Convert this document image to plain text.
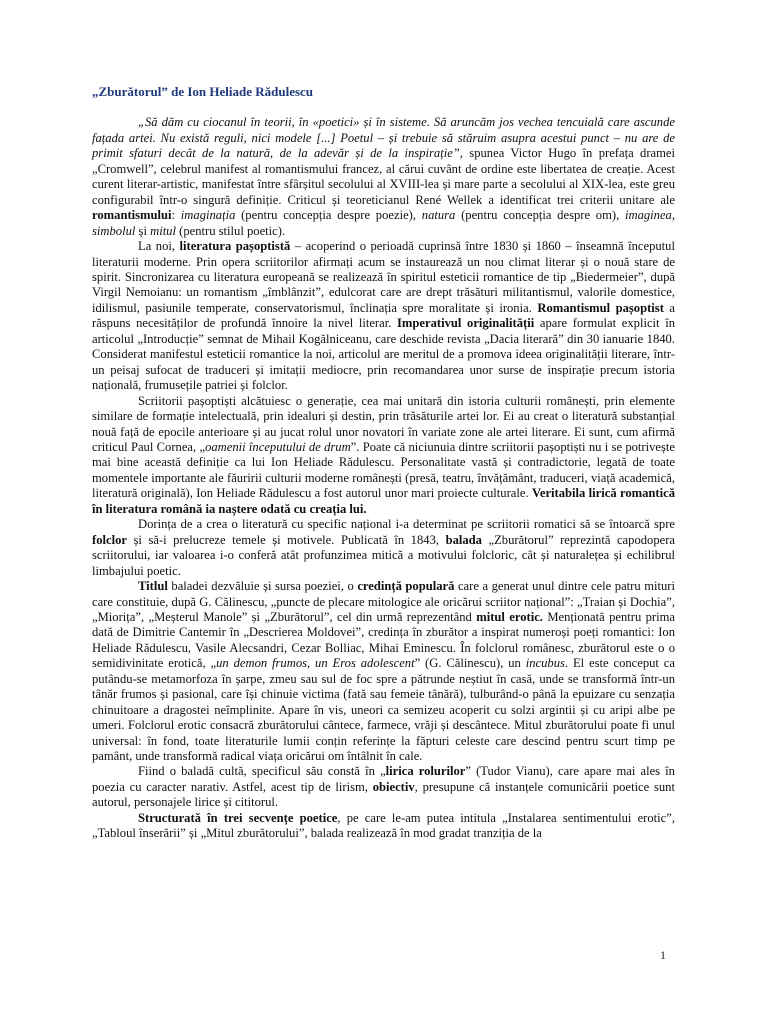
„Zburătorul” de Ion Heliade Rădulescu

„Să dăm cu ciocanul în teorii, în «poetici» și în sisteme. Să aruncăm jos vechea tencuială care ascunde fațada artei. Nu există reguli, nici modele [...] Poetul – și trebuie să stăruim asupra acestui punct – nu are de primit sfaturi decât de la natură, de la adevăr și de la inspirație”, spunea Victor Hugo în prefața dramei „Cromwell”, celebrul manifest al romantismului francez, al cărui cuvânt de ordine este libertatea de creație. Acest curent literar-artistic, manifestat între sfârșitul secolului al XVIII-lea și mare parte a secolului al XIX-lea, este greu configurabil într-o singură definiție. Criticul și teoreticianul René Wellek a identificat trei criterii unitare ale romantismului: imaginația (pentru concepția despre poezie), natura (pentru concepția despre om), imaginea, simbolul și mitul (pentru stilul poetic).

La noi, literatura pașoptistă – acoperind o perioadă cuprinsă între 1830 și 1860 – înseamnă începutul literaturii moderne. Prin opera scriitorilor afirmați acum se instaurează un nou climat literar și o nouă stare de spirit. Sincronizarea cu literatura europeană se realizează în spiritul esteticii romantice de tip „Biedermeier”, după Virgil Nemoianu: un romantism „îmblânzit”, edulcorat care are drept trăsături militantismul, valorile domestice, idilismul, pasiunile temperate, conservatorismul, înclinația spre moralitate și ironia. Romantismul pașoptist a răspuns necesităților de profundă înnoire la nivel literar. Imperativul originalității apare formulat explicit în articolul „Introducție” semnat de Mihail Kogălniceanu, care deschide revista „Dacia literară” din 30 ianuarie 1840. Considerat manifestul esteticii romantice la noi, articolul are meritul de a promova ideea originalității literare, într-un peisaj sufocat de traduceri și imitații mediocre, prin recomandarea unor surse de inspirație precum istoria națională, frumusețile patriei și folclor.

Scriitorii pașoptiști alcătuiesc o generație, cea mai unitară din istoria culturii românești, prin elemente similare de formație intelectuală, prin idealuri și destin, prin trăsăturile artei lor. Ei au creat o literatură substanțial nouă față de epocile anterioare și au jucat rolul unor novatori în variate zone ale artei literare. Ei sunt, cum afirmă criticul Paul Cornea, „oamenii începutului de drum”. Poate că niciunuia dintre scriitorii pașoptiști nu i se potrivește mai bine această definiție ca lui Ion Heliade Rădulescu. Personalitate vastă și contradictorie, legată de toate momentele importante ale făuririi culturii moderne românești (presă, teatru, învățământ, traduceri, viață academică, literatură originală), Ion Heliade Rădulescu a fost autorul unor mari proiecte culturale. Veritabila lirică romantică în literatura română ia naștere odată cu creația lui.

Dorința de a crea o literatură cu specific național i-a determinat pe scriitorii romatici să se întoarcă spre folclor și să-i prelucreze temele și motivele. Publicată în 1843, balada „Zburătorul” reprezintă capodopera scriitorului, iar valoarea i-o conferă atât profunzimea mitică a motivului folcloric, cât și naturalețea și echilibrul limbajului poetic.

Titlul baladei dezvăluie și sursa poeziei, o credință populară care a generat unul dintre cele patru mituri care constituie, după G. Călinescu, „puncte de plecare mitologice ale oricărui scriitor național”: „Traian și Dochia”, „Miorița”, „Meșterul Manole” și „Zburătorul”, cel din urmă reprezentând mitul erotic. Menționată pentru prima dată de Dimitrie Cantemir în „Descrierea Moldovei”, credința în zburător a inspirat numeroși poeți romantici: Ion Heliade Rădulescu, Vasile Alecsandri, Cezar Bolliac, Mihai Eminescu. În folclorul românesc, zburătorul este o o semidivinitate erotică, „un demon frumos, un Eros adolescent” (G. Călinescu), un incubus. El este conceput ca putându-se metamorfoza în șarpe, zmeu sau sul de foc spre a pătrunde neștiut în casă, unde se transformă într-un tânăr frumos și pasional, care își chinuie victima (fată sau femeie tânără), tulburând-o până la epuizare cu senzația chinuitoare a dragostei neîmplinite. Apare în vis, uneori ca semizeu acoperit cu solzi argintii și cu aripi albe pe umeri. Folclorul erotic consacră zburătorului cântece, farmece, vrăji și descântece. Mitul zburătorului poate fi unul universal: în fond, toate literaturile lumii conțin referințe la făpturi celeste care descind pentru scurt timp pe pamânt, unde transformă radical viața oricărui om întâlnit în cale.

Fiind o baladă cultă, specificul său constă în „lirica rolurilor” (Tudor Vianu), care apare mai ales în poezia cu caracter narativ. Astfel, acest tip de lirism, obiectiv, presupune că instanțele comunicării poetice sunt autorul, personajele lirice și cititorul.

Structurată în trei secvențe poetice, pe care le-am putea intitula „Instalarea sentimentului erotic”, „Tabloul înserării” și „Mitul zburătorului”, balada realizează în mod gradat tranziția de la

1
